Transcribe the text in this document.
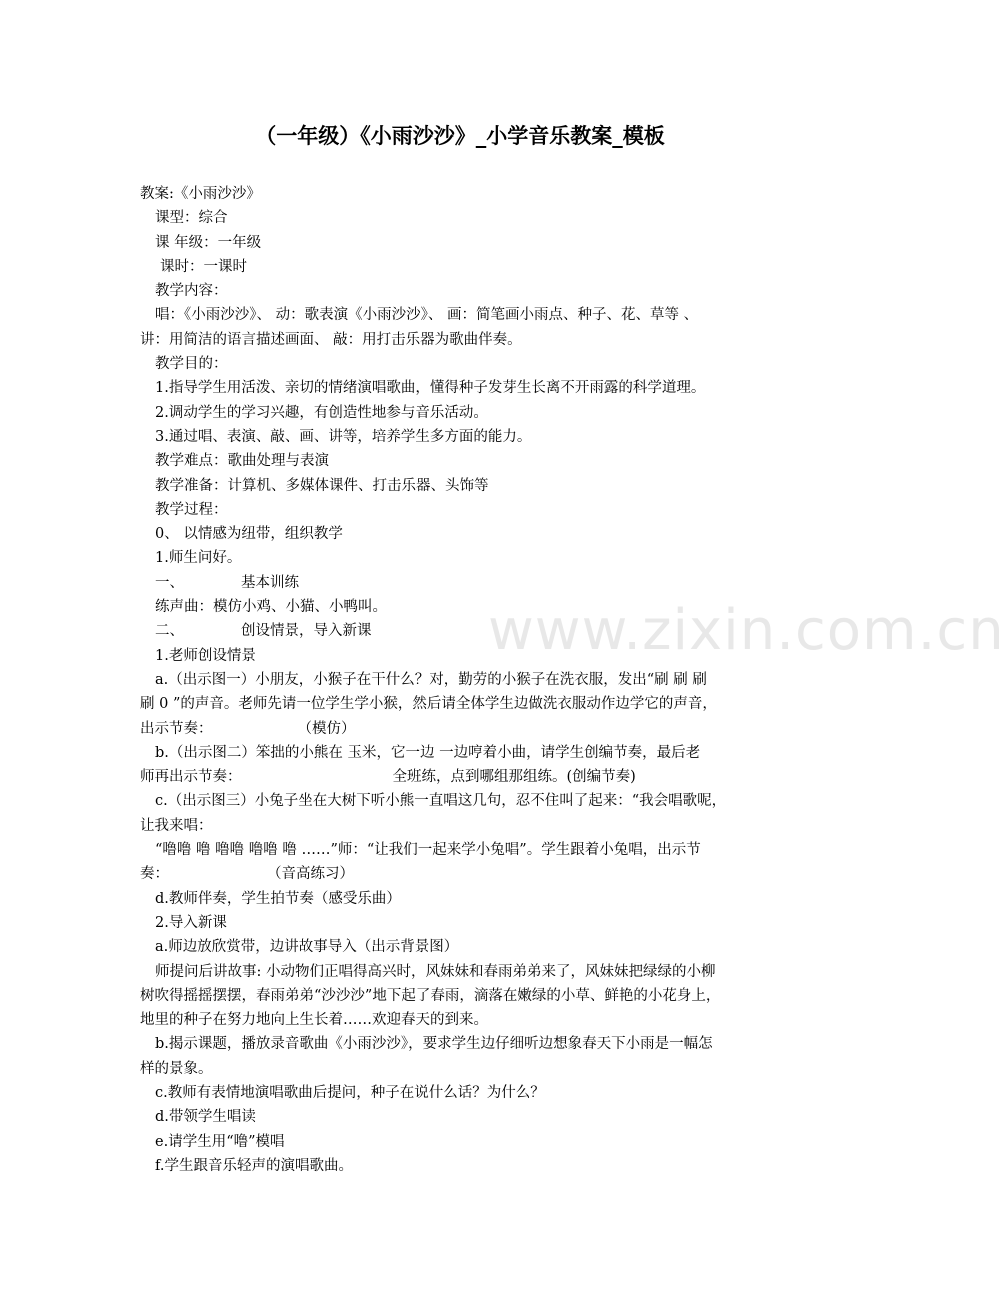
（一年级）《小雨沙沙》_小学音乐教案_模板
www.zixin.com.cn
教案:《小雨沙沙》
课型：综合
课 年级：一年级
课时：一课时
教学内容：
唱：《小雨沙沙》、 动：歌表演《小雨沙沙》、 画：简笔画小雨点、种子、花、草等 、
讲：用简洁的语言描述画面、 敲：用打击乐器为歌曲伴奏。
教学目的：
1.指导学生用活泼、亲切的情绪演唱歌曲，懂得种子发芽生长离不开雨露的科学道理。
2.调动学生的学习兴趣，有创造性地参与音乐活动。
3.通过唱、表演、敲、画、讲等，培养学生多方面的能力。
教学难点：歌曲处理与表演
教学准备：计算机、多媒体课件、打击乐器、头饰等
教学过程：
0、 以情感为纽带，组织教学
1.师生问好。
一、	基本训练
练声曲：模仿小鸡、小猫、小鸭叫。
二、	创设情景，导入新课
1.老师创设情景
a.（出示图一）小朋友，小猴子在干什么？对，勤劳的小猴子在洗衣服，发出“刷 刷 刷
刷 0 ”的声音。老师先请一位学生学小猴，然后请全体学生边做洗衣服动作边学它的声音，
出示节奏：	（模仿）
b.（出示图二）笨拙的小熊在 玉米，它一边 一边哼着小曲，请学生创编节奏，最后老
师再出示节奏：	全班练，点到哪组那组练。(创编节奏)
c.（出示图三）小兔子坐在大树下听小熊一直唱这几句，忍不住叫了起来：“我会唱歌呢，
让我来唱：
“噜噜 噜 噜噜 噜噜 噜 ……”师：“让我们一起来学小兔唱”。学生跟着小兔唱，出示节
奏：	（音高练习）
d.教师伴奏，学生拍节奏（感受乐曲）
2.导入新课
a.师边放欣赏带，边讲故事导入（出示背景图）
师提问后讲故事: 小动物们正唱得高兴时，风妹妹和春雨弟弟来了，风妹妹把绿绿的小柳
树吹得摇摇摆摆，春雨弟弟“沙沙沙”地下起了春雨，滴落在嫩绿的小草、鲜艳的小花身上，
地里的种子在努力地向上生长着……欢迎春天的到来。
b.揭示课题，播放录音歌曲《小雨沙沙》，要求学生边仔细听边想象春天下小雨是一幅怎
样的景象。
c.教师有表情地演唱歌曲后提问，种子在说什么话？为什么？
d.带领学生唱读
e.请学生用“噜”模唱
f.学生跟音乐轻声的演唱歌曲。
